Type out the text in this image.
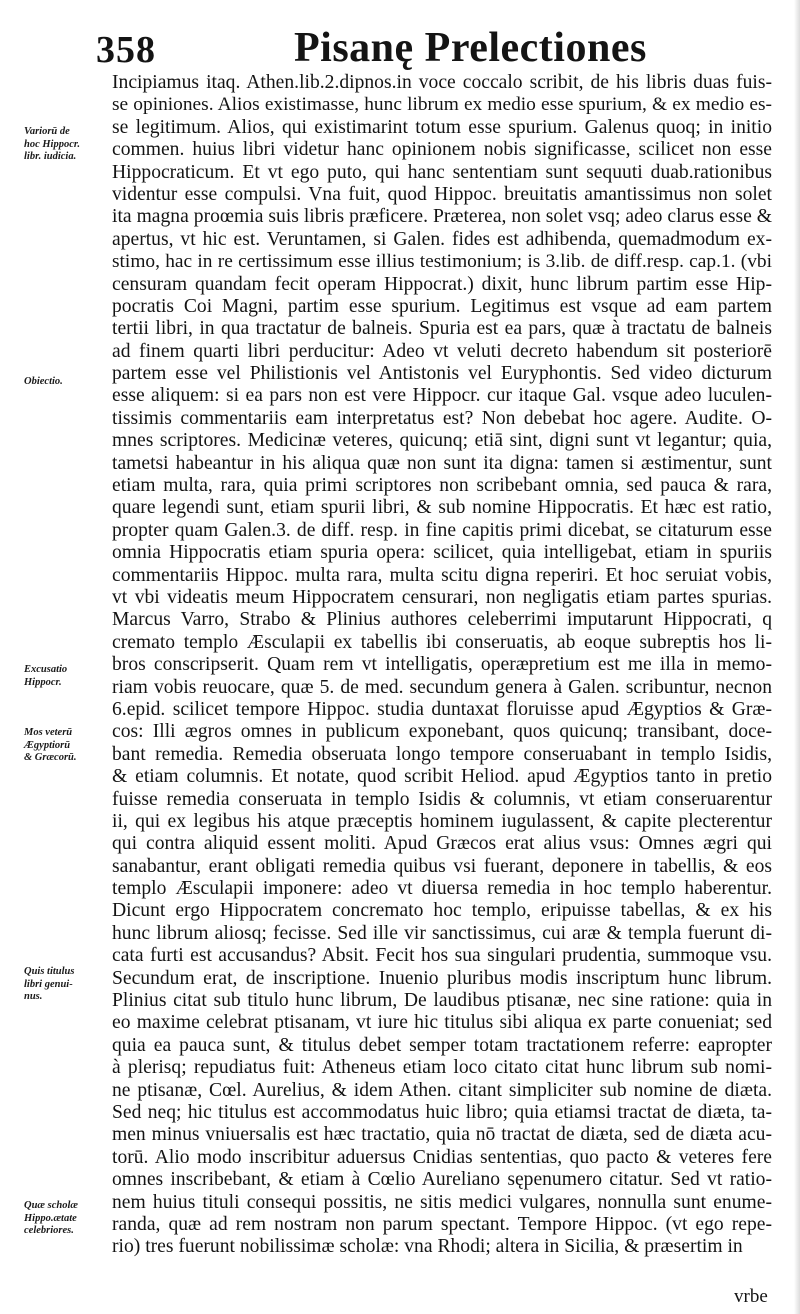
358	Pisanę Prelectiones
Incipiamus itaq. Athen.lib.2.dipnos.in voce coccalo scribit, de his libris duas fuis-
se opiniones. Alios existimasse, hunc librum ex medio esse spurium, & ex medio es-
se legitimum. Alios, qui existimarint totum esse spurium. Galenus quoq; in initio
commen. huius libri videtur hanc opinionem nobis significasse, scilicet non esse
Hippocraticum. Et vt ego puto, qui hanc sententiam sunt sequuti duab.rationibus
videntur esse compulsi. Vna fuit, quod Hippoc. breuitatis amantissimus non solet
ita magna proœmia suis libris præficere. Præterea, non solet vsq; adeo clarus esse &
apertus, vt hic est. Veruntamen, si Galen. fides est adhibenda, quemadmodum ex-
stimo, hac in re certissimum esse illius testimonium; is 3.lib. de diff.resp. cap.1. (vbi
censuram quandam fecit operam Hippocrat.) dixit, hunc librum partim esse Hip-
pocratis Coi Magni, partim esse spurium. Legitimus est vsque ad eam partem
tertii libri, in qua tractatur de balneis. Spuria est ea pars, quæ à tractatu de balneis
ad finem quarti libri perducitur: Adeo vt veluti decreto habendum sit posteriorē
partem esse vel Philistionis vel Antistonis vel Euryphontis. Sed video dicturum
esse aliquem: si ea pars non est vere Hippocr. cur itaque Gal. vsque adeo luculen-
tissimis commentariis eam interpretatus est? Non debebat hoc agere. Audite. O-
mnes scriptores. Medicinæ veteres, quicunq; etiā sint, digni sunt vt legantur; quia,
tametsi habeantur in his aliqua quæ non sunt ita digna: tamen si æstimentur, sunt
etiam multa, rara, quia primi scriptores non scribebant omnia, sed pauca & rara,
quare legendi sunt, etiam spurii libri, & sub nomine Hippocratis. Et hæc est ratio,
propter quam Galen.3. de diff. resp. in fine capitis primi dicebat, se citaturum esse
omnia Hippocratis etiam spuria opera: scilicet, quia intelligebat, etiam in spuriis
commentariis Hippoc. multa rara, multa scitu digna reperiri. Et hoc seruiat vobis,
vt vbi videatis meum Hippocratem censurari, non negligatis etiam partes spurias.
Marcus Varro, Strabo & Plinius authores celeberrimi imputarunt Hippocrati, q
cremato templo Æsculapii ex tabellis ibi conseruatis, ab eoque subreptis hos li-
bros conscripserit. Quam rem vt intelligatis, operæpretium est me illa in memo-
riam vobis reuocare, quæ 5. de med. secundum genera à Galen. scribuntur, necnon
6.epid. scilicet tempore Hippoc. studia duntaxat floruisse apud Ægyptios & Græ-
cos: Illi ægros omnes in publicum exponebant, quos quicunq; transibant, doce-
bant remedia. Remedia obseruata longo tempore conseruabant in templo Isidis,
& etiam columnis. Et notate, quod scribit Heliod. apud Ægyptios tanto in pretio
fuisse remedia conseruata in templo Isidis & columnis, vt etiam conseruarentur
ii, qui ex legibus his atque præceptis hominem iugulassent, & capite plecterentur
qui contra aliquid essent moliti. Apud Græcos erat alius vsus: Omnes ægri qui
sanabantur, erant obligati remedia quibus vsi fuerant, deponere in tabellis, & eos
templo Æsculapii imponere: adeo vt diuersa remedia in hoc templo haberentur.
Dicunt ergo Hippocratem concremato hoc templo, eripuisse tabellas, & ex his
hunc librum aliosq; fecisse. Sed ille vir sanctissimus, cui aræ & templa fuerunt di-
cata furti est accusandus? Absit. Fecit hos sua singulari prudentia, summoque vsu.
Secundum erat, de inscriptione. Inuenio pluribus modis inscriptum hunc librum.
Plinius citat sub titulo hunc librum, De laudibus ptisanæ, nec sine ratione: quia in
eo maxime celebrat ptisanam, vt iure hic titulus sibi aliqua ex parte conueniat; sed
quia ea pauca sunt, & titulus debet semper totam tractationem referre: eapropter
à plerisq; repudiatus fuit: Atheneus etiam loco citato citat hunc librum sub nomi-
ne ptisanæ, Cœl. Aurelius, & idem Athen. citant simpliciter sub nomine de diæta.
Sed neq; hic titulus est accommodatus huic libro; quia etiamsi tractat de diæta, ta-
men minus vniuersalis est hæc tractatio, quia nō tractat de diæta, sed de diæta acu-
torū. Alio modo inscribitur aduersus Cnidias sententias, quo pacto & veteres fere
omnes inscribebant, & etiam à Cœlio Aureliano sępenumero citatur. Sed vt ratio-
nem huius tituli consequi possitis, ne sitis medici vulgares, nonnulla sunt enume-
randa, quæ ad rem nostram non parum spectant. Tempore Hippoc. (vt ego repe-
rio) tres fuerunt nobilissimæ scholæ: vna Rhodi; altera in Sicilia, & præsertim in
Variorū de
hoc Hippocr.
libr. iudicia.
Obiectio.
Excusatio
Hippocr.
Mos veterū
Ægyptiorū
& Græcorū.
Quis titulus
libri genui-
nus.
Quæ scholæ
Hippo.ætate
celebriores.
vrbe
